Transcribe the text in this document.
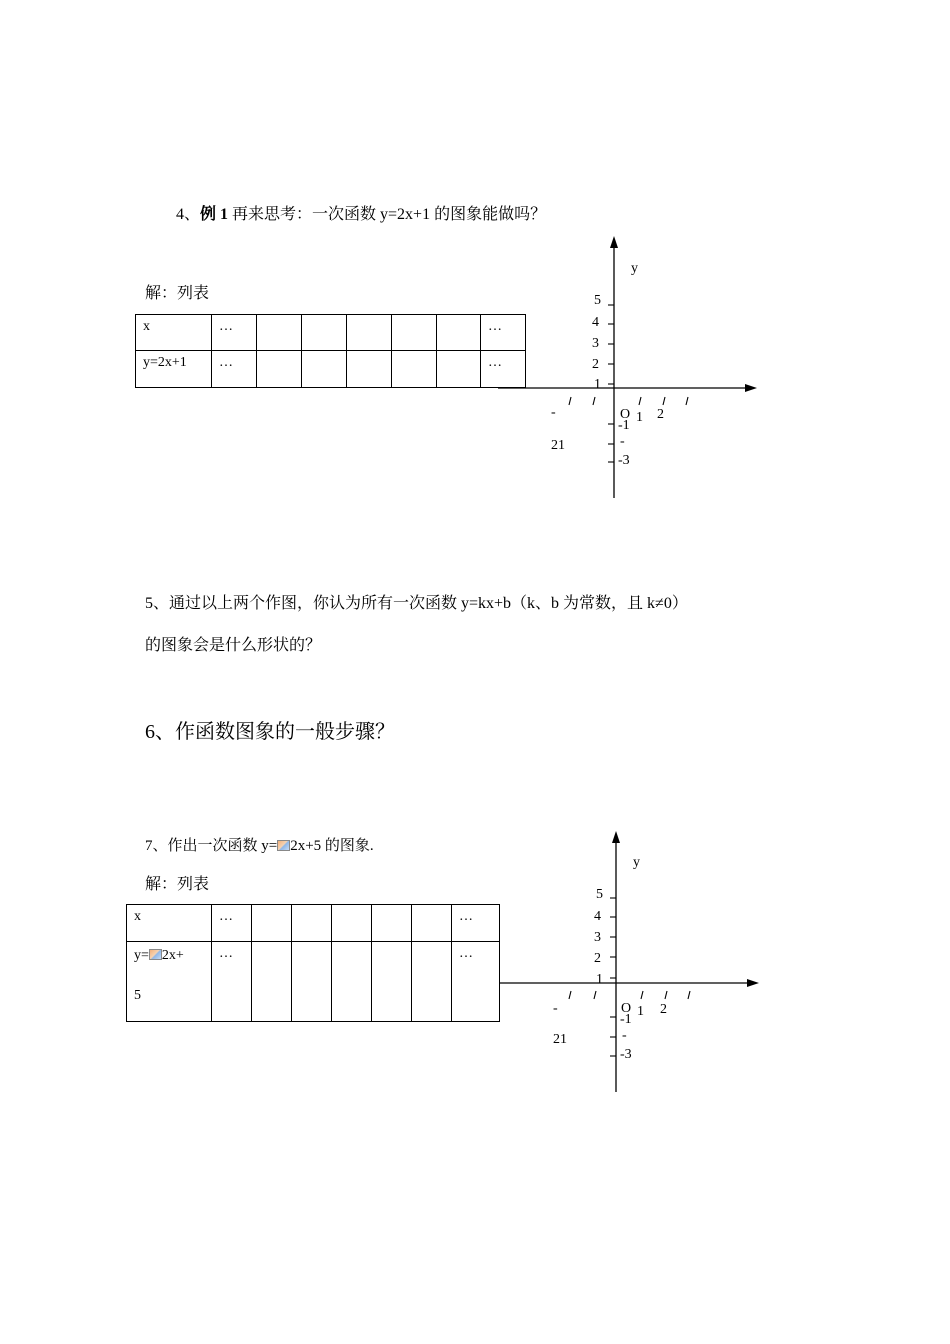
4、例 1 再来思考：一次函数 y=2x+1 的图象能做吗？
解：列表
x	…						…
y=2x+1	…						…
y
5
4
3
2
1
O 1 2
-1
-
-3
-
21
5、通过以上两个作图，你认为所有一次函数 y=kx+b（k、b 为常数，且 k≠0）
的图象会是什么形状的？
6、作函数图象的一般步骤？
7、作出一次函数 y= 2x+5 的图象.
解：列表
x	…						…

y= 2x+
5	…						…
y
5
4
3
2
1
O 1 2
-1
-
-3
-
21
